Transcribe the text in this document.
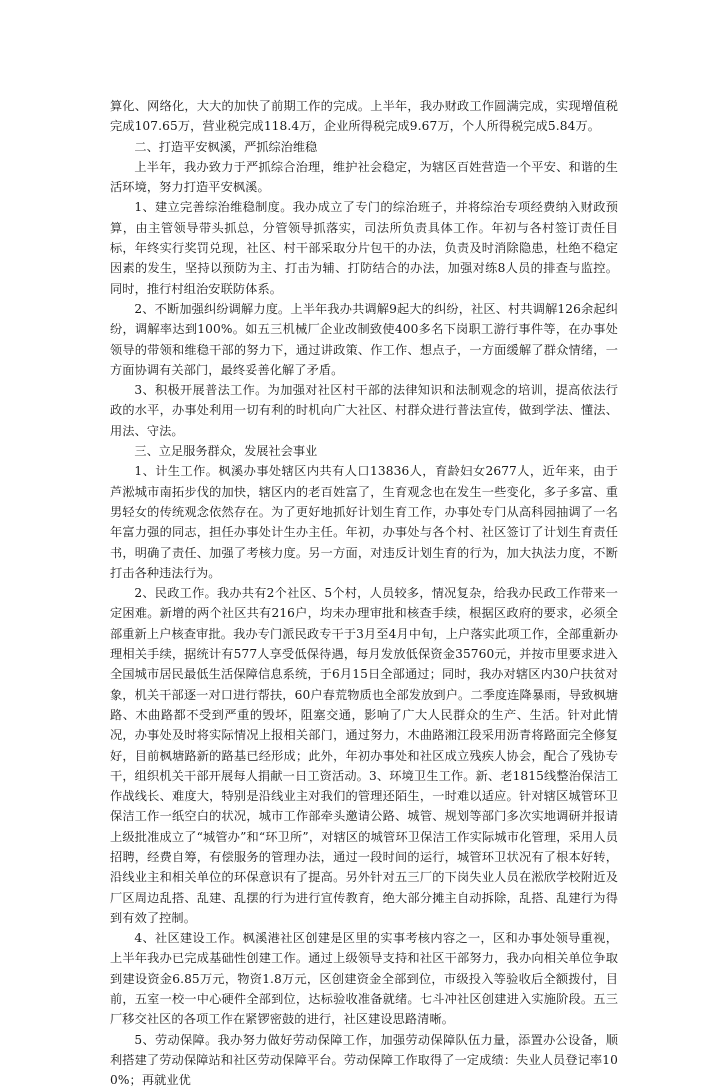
算化、网络化，大大的加快了前期工作的完成。上半年，我办财政工作圆满完成，实现增值税完成107.65万，营业税完成118.4万，企业所得税完成9.67万，个人所得税完成5.84万。

二、打造平安枫溪，严抓综治维稳

上半年，我办致力于严抓综合治理，维护社会稳定，为辖区百姓营造一个平安、和谐的生活环境，努力打造平安枫溪。

1、建立完善综治维稳制度。我办成立了专门的综治班子，并将综治专项经费纳入财政预算，由主管领导带头抓总，分管领导抓落实，司法所负责具体工作。年初与各村签订责任目标，年终实行奖罚兑现，社区、村干部采取分片包干的办法，负责及时消除隐患，杜绝不稳定因素的发生，坚持以预防为主、打击为辅、打防结合的办法，加强对练8人员的排查与监控。同时，推行村组治安联防体系。

2、不断加强纠纷调解力度。上半年我办共调解9起大的纠纷，社区、村共调解126余起纠纷，调解率达到100%。如五三机械厂企业改制致使400多名下岗职工游行事件等，在办事处领导的带领和维稳干部的努力下，通过讲政策、作工作、想点子，一方面缓解了群众情绪，一方面协调有关部门，最终妥善化解了矛盾。

3、积极开展普法工作。为加强对社区村干部的法律知识和法制观念的培训，提高依法行政的水平，办事处利用一切有利的时机向广大社区、村群众进行普法宣传，做到学法、懂法、用法、守法。

三、立足服务群众，发展社会事业

1、计生工作。枫溪办事处辖区内共有人口13836人，育龄妇女2677人，近年来，由于芦淞城市南拓步伐的加快，辖区内的老百姓富了，生育观念也在发生一些变化，多子多富、重男轻女的传统观念依然存在。为了更好地抓好计划生育工作，办事处专门从高科园抽调了一名年富力强的同志，担任办事处计生办主任。年初，办事处与各个村、社区签订了计划生育责任书，明确了责任、加强了考核力度。另一方面，对违反计划生育的行为，加大执法力度，不断打击各种违法行为。

2、民政工作。我办共有2个社区、5个村，人员较多，情况复杂，给我办民政工作带来一定困难。新增的两个社区共有216户，均未办理审批和核查手续，根据区政府的要求，必须全部重新上户核查审批。我办专门派民政专干于3月至4月中旬，上户落实此项工作，全部重新办理相关手续，据统计有577人享受低保待遇，每月发放低保资金35760元，并按市里要求进入全国城市居民最低生活保障信息系统，于6月15日全部通过；同时，我办对辖区内30户扶贫对象，机关干部逐一对口进行帮扶，60户春荒物质也全部发放到户。二季度连降暴雨，导致枫塘路、木曲路都不受到严重的毁坏，阻塞交通，影响了广大人民群众的生产、生活。针对此情况，办事处及时将实际情况上报相关部门，通过努力，木曲路湘江段采用沥青将路面完全修复好，目前枫塘路新的路基已经形成；此外，年初办事处和社区成立残疾人协会，配合了残协专干，组织机关干部开展每人捐献一日工资活动。3、环境卫生工作。新、老1815线整治保洁工作战线长、难度大，特别是沿线业主对我们的管理还陌生，一时难以适应。针对辖区城管环卫保洁工作一纸空白的状况，城市工作部牵头邀请公路、城管、规划等部门多次实地调研并报请上级批准成立了“城管办”和“环卫所”，对辖区的城管环卫保洁工作实际城市化管理，采用人员招聘，经费自筹，有偿服务的管理办法，通过一段时间的运行，城管环卫状况有了根本好转，沿线业主和相关单位的环保意识有了提高。另外针对五三厂的下岗失业人员在淞欣学校附近及厂区周边乱搭、乱建、乱摆的行为进行宣传教育，绝大部分摊主自动拆除，乱搭、乱建行为得到有效了控制。

4、社区建设工作。枫溪港社区创建是区里的实事考核内容之一，区和办事处领导重视，上半年我办已完成基础性创建工作。通过上级领导支持和社区干部努力，我办向相关单位争取到建设资金6.85万元，物资1.8万元，区创建资金全部到位，市级投入等验收后全额拨付，目前，五室一校一中心硬件全部到位，达标验收准备就绪。七斗冲社区创建进入实施阶段。五三厂移交社区的各项工作在紧锣密鼓的进行，社区建设思路清晰。

5、劳动保障。我办努力做好劳动保障工作，加强劳动保障队伍力量，添置办公设备，顺利搭建了劳动保障站和社区劳动保障平台。劳动保障工作取得了一定成绩：失业人员登记率100%；再就业优
